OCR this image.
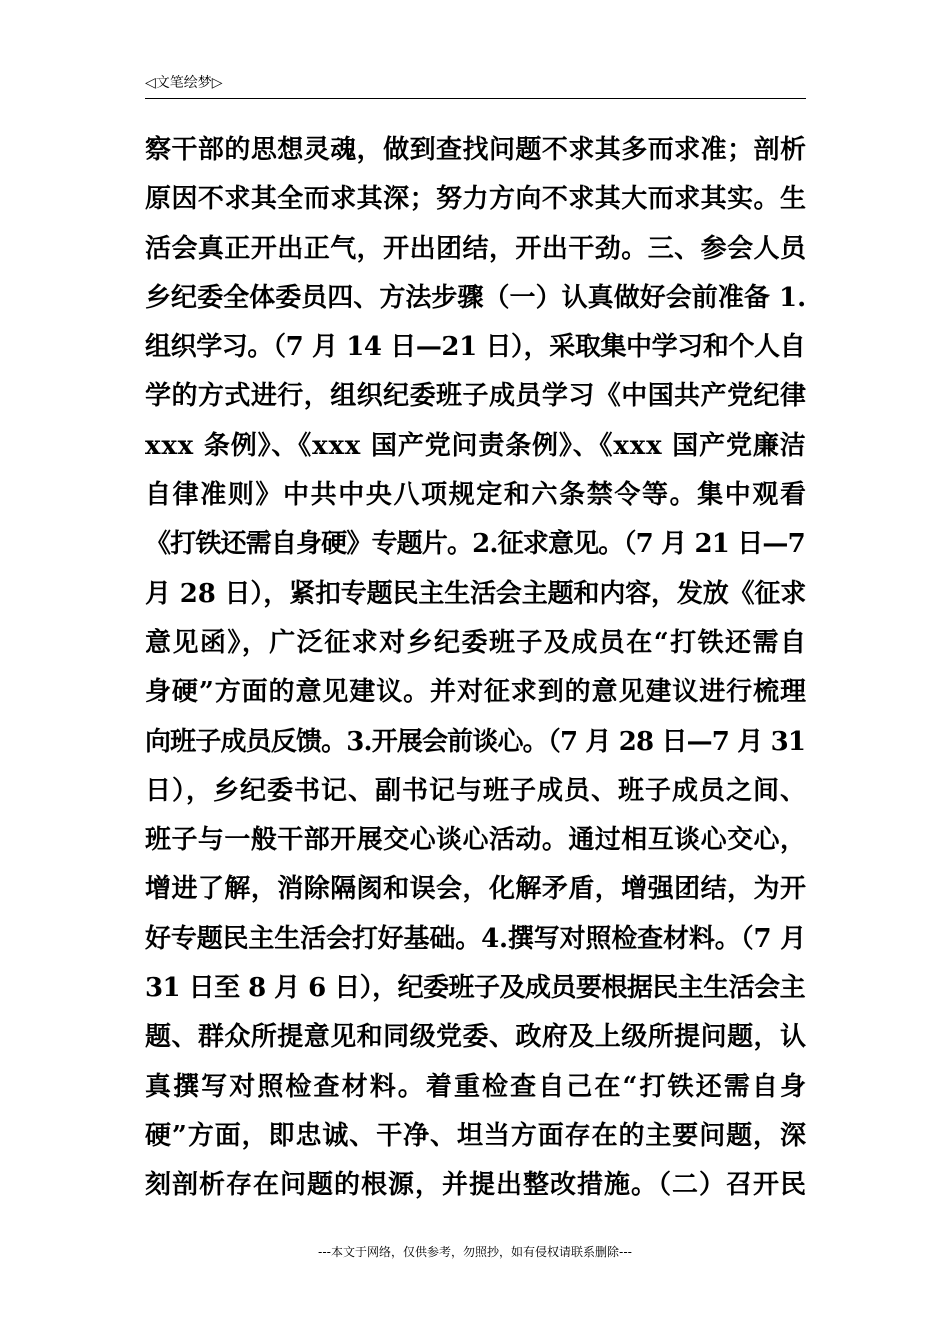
◁文笔绘梦▷
察干部的思想灵魂，做到查找问题不求其多而求准；剖析
原因不求其全而求其深；努力方向不求其大而求其实。生
活会真正开出正气，开出团结，开出干劲。三、参会人员
乡纪委全体委员四、方法步骤（一）认真做好会前准备 1.
组织学习。（7 月 14 日—21 日），采取集中学习和个人自
学的方式进行，组织纪委班子成员学习《中国共产党纪律
xxx 条例》、《xxx 国产党问责条例》、《xxx 国产党廉洁
自律准则》中共中央八项规定和六条禁令等。集中观看
《打铁还需自身硬》专题片。2.征求意见。（7 月 21 日—7
月 28 日），紧扣专题民主生活会主题和内容，发放《征求
意见函》，广泛征求对乡纪委班子及成员在“打铁还需自
身硬”方面的意见建议。并对征求到的意见建议进行梳理
向班子成员反馈。3.开展会前谈心。（7 月 28 日—7 月 31
日），乡纪委书记、副书记与班子成员、班子成员之间、
班子与一般干部开展交心谈心活动。通过相互谈心交心，
增进了解，消除隔阂和误会，化解矛盾，增强团结，为开
好专题民主生活会打好基础。4.撰写对照检查材料。（7 月
31 日至 8 月 6 日），纪委班子及成员要根据民主生活会主
题、群众所提意见和同级党委、政府及上级所提问题，认
真撰写对照检查材料。着重检查自己在“打铁还需自身
硬”方面，即忠诚、干净、坦当方面存在的主要问题，深
刻剖析存在问题的根源，并提出整改措施。（二）召开民
---本文于网络，仅供参考，勿照抄，如有侵权请联系删除---
